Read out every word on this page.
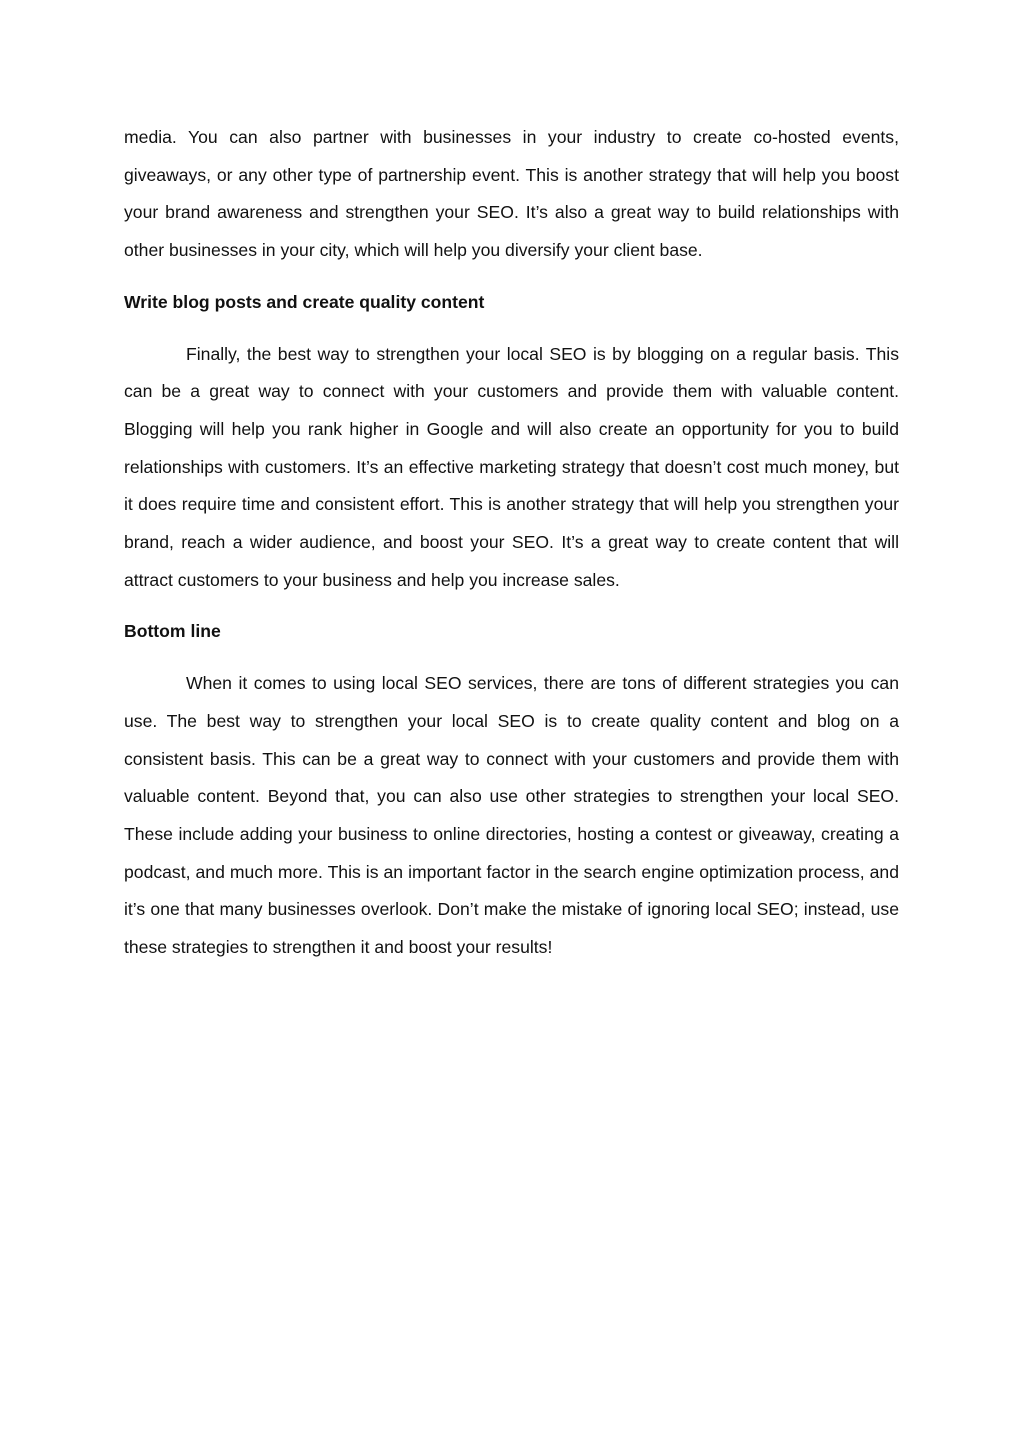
media. You can also partner with businesses in your industry to create co-hosted events, giveaways, or any other type of partnership event. This is another strategy that will help you boost your brand awareness and strengthen your SEO. It’s also a great way to build relationships with other businesses in your city, which will help you diversify your client base.

Write blog posts and create quality content

Finally, the best way to strengthen your local SEO is by blogging on a regular basis. This can be a great way to connect with your customers and provide them with valuable content. Blogging will help you rank higher in Google and will also create an opportunity for you to build relationships with customers. It’s an effective marketing strategy that doesn’t cost much money, but it does require time and consistent effort. This is another strategy that will help you strengthen your brand, reach a wider audience, and boost your SEO. It’s a great way to create content that will attract customers to your business and help you increase sales.

Bottom line

When it comes to using local SEO services, there are tons of different strategies you can use. The best way to strengthen your local SEO is to create quality content and blog on a consistent basis. This can be a great way to connect with your customers and provide them with valuable content. Beyond that, you can also use other strategies to strengthen your local SEO. These include adding your business to online directories, hosting a contest or giveaway, creating a podcast, and much more. This is an important factor in the search engine optimization process, and it’s one that many businesses overlook. Don’t make the mistake of ignoring local SEO; instead, use these strategies to strengthen it and boost your results!
